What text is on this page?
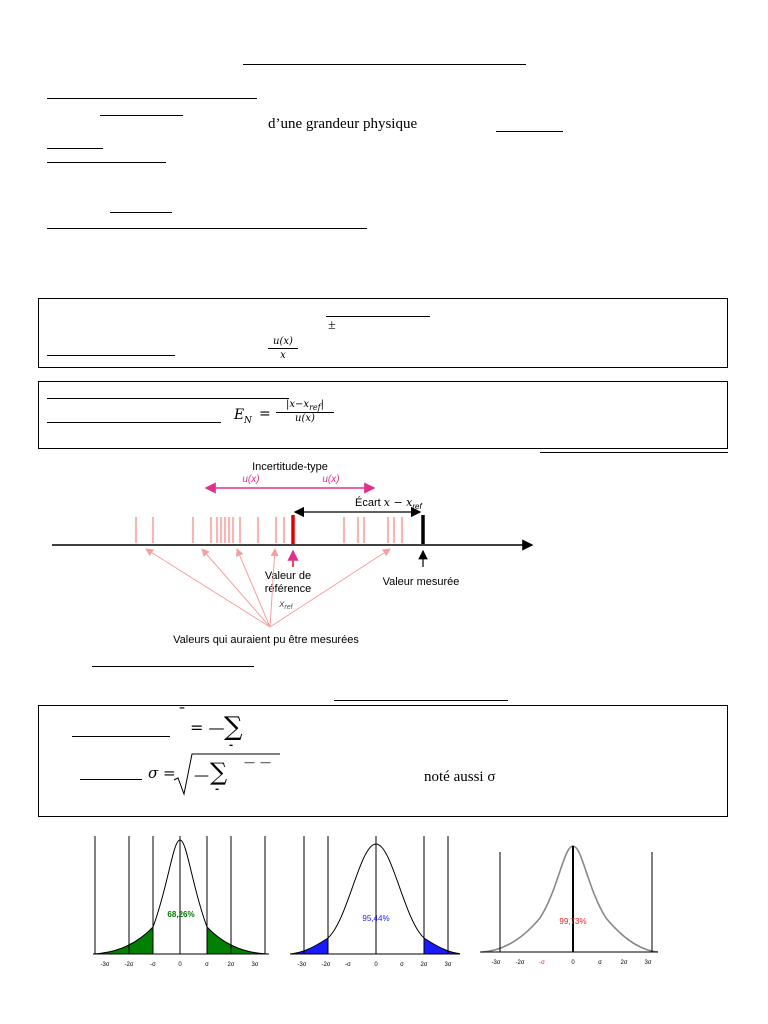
d’une grandeur physique
±
$\frac{u(x)}{x}$
E N =
$|x-x_{ref}|$
u(x)
Incertitude-type
u(x)	u(x)
Écart $x - x_{ref}$
Valeur de
référence
$x_{ref}$
Valeur mesurée
Valeurs qui auraient pu être mesurées
¯
= — ∑
-
σ = — ∑
-
— —
noté aussi σ
68,26%
-3σ -2σ	-σ	0	σ	2σ	3σ
95,44%
-3σ -2σ -σ	0	σ	2σ	3σ
99,73%
-3σ -2σ -σ	0	σ	2σ	3σ
